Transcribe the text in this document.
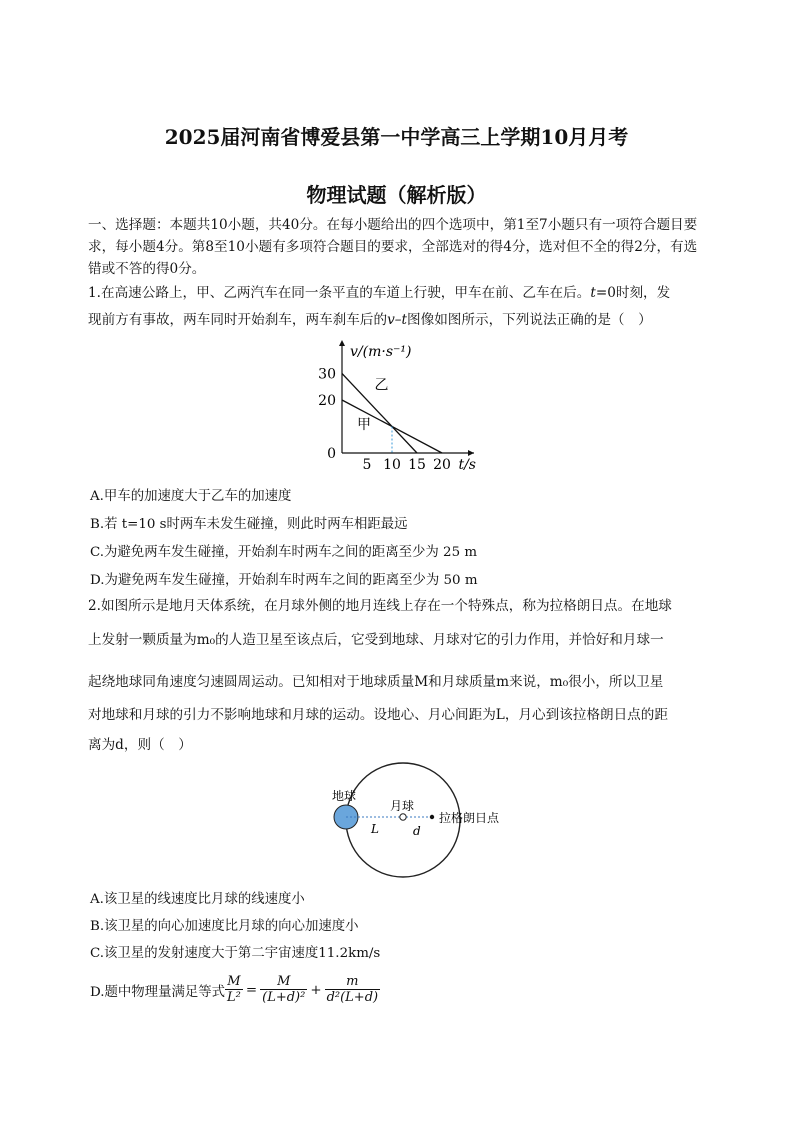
2025届河南省博爱县第一中学高三上学期10月月考
物理试题（解析版）
一、选择题：本题共10小题，共40分。在每小题给出的四个选项中，第1至7小题只有一项符合题目要
求，每小题4分。第8至10小题有多项符合题目的要求，全部选对的得4分，选对但不全的得2分，有选
错或不答的得0分。
1.在高速公路上，甲、乙两汽车在同一条平直的车道上行驶，甲车在前、乙车在后。t=0时刻，发
现前方有事故，两车同时开始刹车，两车刹车后的v–t图像如图所示，下列说法正确的是（　）
5 10 15 20
30
20
0
v/(m·s⁻¹)
t/s
乙
甲
A.甲车的加速度大于乙车的加速度
B.若 t=10 s时两车未发生碰撞，则此时两车相距最远
C.为避免两车发生碰撞，开始刹车时两车之间的距离至少为 25 m
D.为避免两车发生碰撞，开始刹车时两车之间的距离至少为 50 m
2.如图所示是地月天体系统，在月球外侧的地月连线上存在一个特殊点，称为拉格朗日点。在地球
上发射一颗质量为m₀的人造卫星至该点后，它受到地球、月球对它的引力作用，并恰好和月球一
起绕地球同角速度匀速圆周运动。已知相对于地球质量M和月球质量m来说，m₀很小，所以卫星
对地球和月球的引力不影响地球和月球的运动。设地心、月心间距为L，月心到该拉格朗日点的距
离为d，则（　）
地球
月球
L	d
拉格朗日点
A.该卫星的线速度比月球的线速度小
B.该卫星的向心加速度比月球的向心加速度小
C.该卫星的发射速度大于第二宇宙速度11.2km/s
D.题中物理量满足等式 $\frac{M}{\text{L²}} = \frac{M}{\text{(L+d)²}} + \frac{m}{\text{d²(L+d)}}$
